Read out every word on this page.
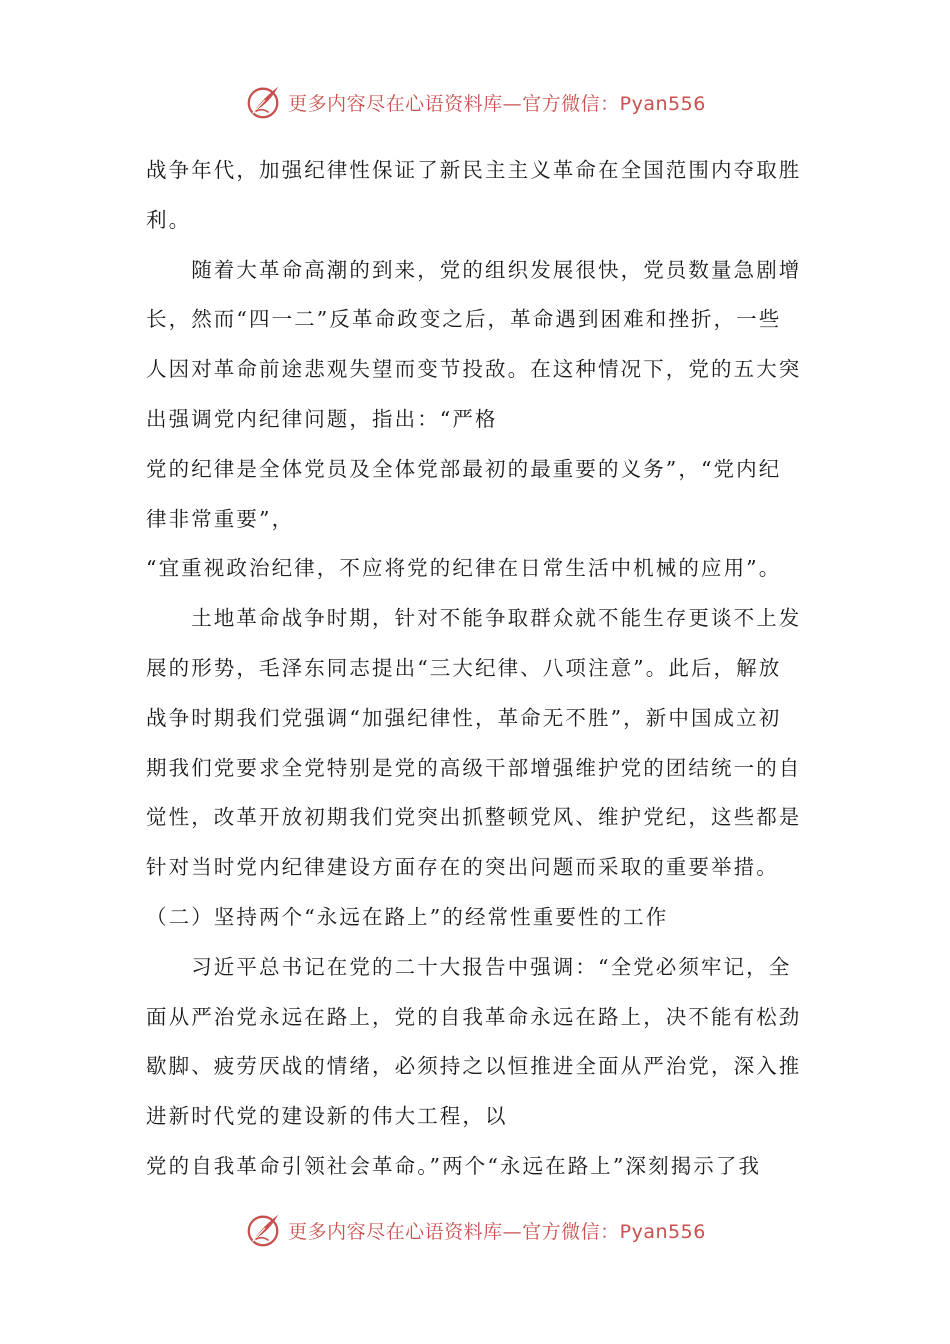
更多内容尽在心语资料库—官方微信：Pyan556
战争年代，加强纪律性保证了新民主主义革命在全国范围内夺取胜
利。
　　随着大革命高潮的到来，党的组织发展很快，党员数量急剧增
长，然而“四一二”反革命政变之后，革命遇到困难和挫折，一些
人因对革命前途悲观失望而变节投敌。在这种情况下，党的五大突
出强调党内纪律问题，指出：“严格
党的纪律是全体党员及全体党部最初的最重要的义务”，“党内纪
律非常重要”，
“宜重视政治纪律，不应将党的纪律在日常生活中机械的应用”。
　　土地革命战争时期，针对不能争取群众就不能生存更谈不上发
展的形势，毛泽东同志提出“三大纪律、八项注意”。此后，解放
战争时期我们党强调“加强纪律性，革命无不胜”，新中国成立初
期我们党要求全党特别是党的高级干部增强维护党的团结统一的自
觉性，改革开放初期我们党突出抓整顿党风、维护党纪，这些都是
针对当时党内纪律建设方面存在的突出问题而采取的重要举措。
（二）坚持两个“永远在路上”的经常性重要性的工作
　　习近平总书记在党的二十大报告中强调：“全党必须牢记，全
面从严治党永远在路上，党的自我革命永远在路上，决不能有松劲
歇脚、疲劳厌战的情绪，必须持之以恒推进全面从严治党，深入推
进新时代党的建设新的伟大工程，以
党的自我革命引领社会革命。”两个“永远在路上”深刻揭示了我
更多内容尽在心语资料库—官方微信：Pyan556
